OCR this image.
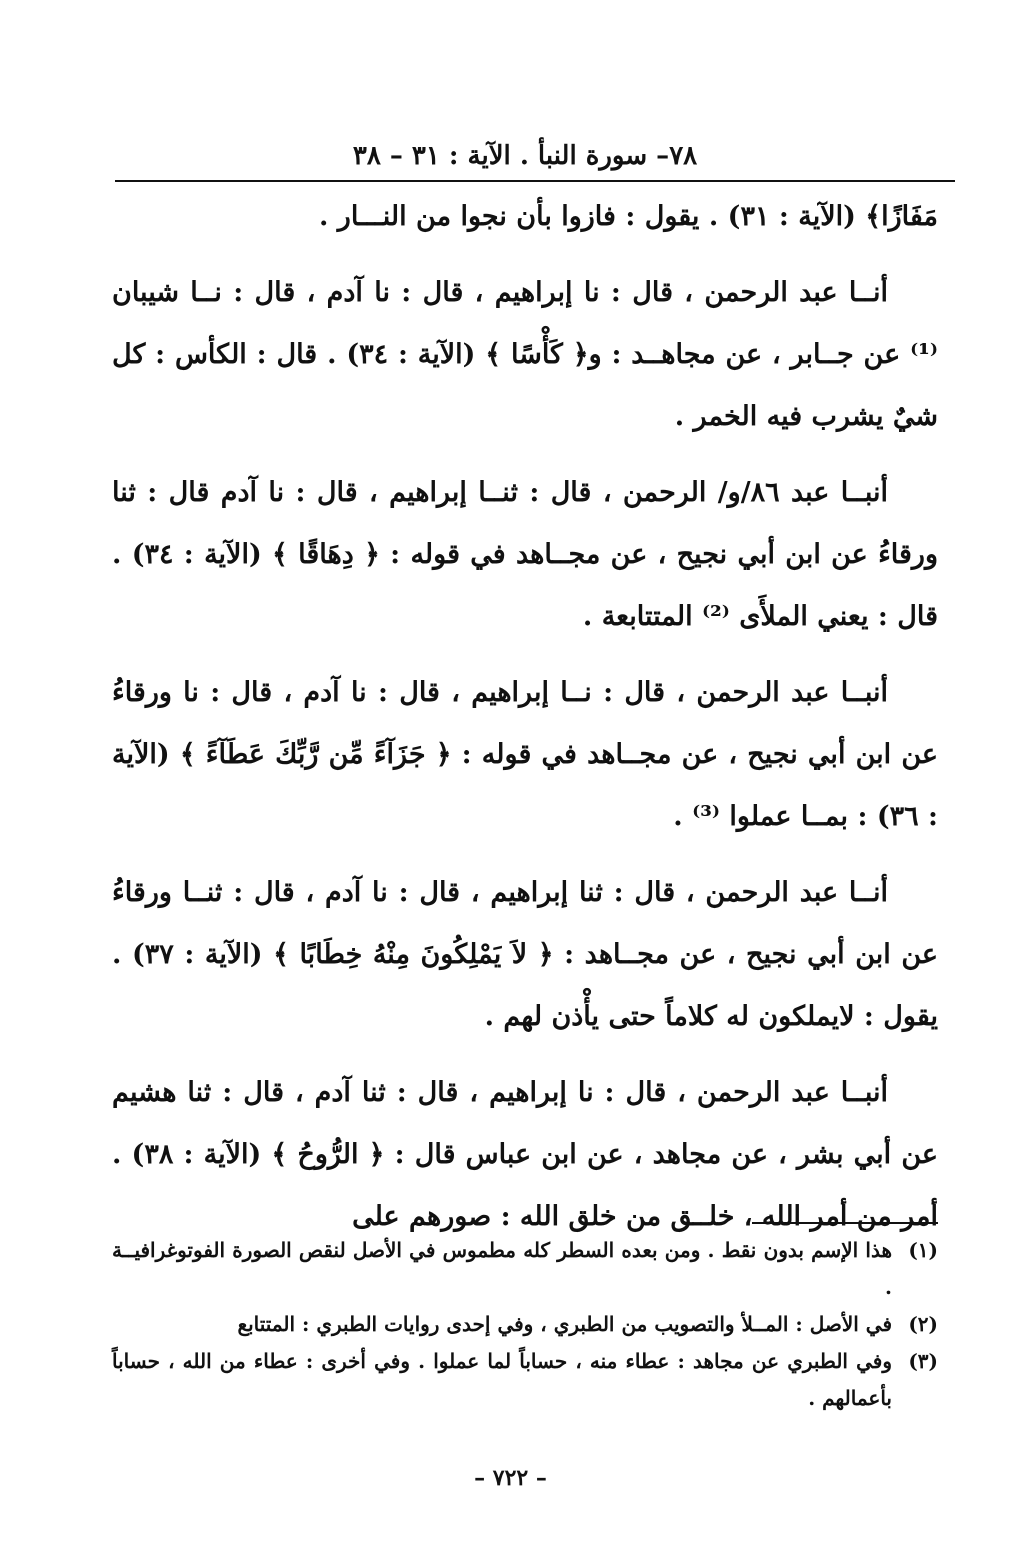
٧٨– سورة النبأ . الآية : ٣١ – ٣٨

مَفَازًا﴾ (الآية : ٣١) . يقول : فازوا بأن نجوا من النـــار .

أنــا عبد الرحمن ، قال : نا إبراهيم ، قال : نا آدم ، قال : نــا شيبان ⁽¹⁾ عن جــابر ، عن مجاهــد : و﴿ كَأْسًا ﴾ (الآية : ٣٤) . قال : الكأس : كل شيٌ يشرب فيه الخمر .

أنبــا عبد ٨٦/و/ الرحمن ، قال : ثنــا إبراهيم ، قال : نا آدم قال : ثنا ورقاءُ عن ابن أبي نجيح ، عن مجــاهد في قوله : ﴿ دِهَاقًا ﴾ (الآية : ٣٤) . قال : يعني الملأَى ⁽²⁾ المتتابعة .

أنبــا عبد الرحمن ، قال : نــا إبراهيم ، قال : نا آدم ، قال : نا ورقاءُ عن ابن أبي نجيح ، عن مجــاهد في قوله : ﴿ جَزَآءً مِّن رَّبِّكَ عَطَآءً ﴾ (الآية : ٣٦) : بمــا عملوا ⁽³⁾ .

أنــا عبد الرحمن ، قال : ثنا إبراهيم ، قال : نا آدم ، قال : ثنــا ورقاءُ عن ابن أبي نجيح ، عن مجــاهد : ﴿ لاَ يَمْلِكُونَ مِنْهُ خِطَابًا ﴾ (الآية : ٣٧) . يقول : لايملكون له كلاماً حتى يأْذن لهم .

أنبــا عبد الرحمن ، قال : نا إبراهيم ، قال : ثنا آدم ، قال : ثنا هشيم عن أبي بشر ، عن مجاهد ، عن ابن عباس قال : ﴿ الرُّوحُ ﴾ (الآية : ٣٨) . أمر من أمر الله ، خلــق من خلق الله : صورهم على

(١)
هذا الإسم بدون نقط . ومن بعده السطر كله مطموس في الأصل لنقص الصورة الفوتوغرافيــة .
(٢)
في الأصل : المــلأ والتصويب من الطبري ، وفي إحدى روايات الطبري : المتتابع
(٣)
وفي الطبري عن مجاهد : عطاء منه ، حساباً لما عملوا . وفي أخرى : عطاء من الله ، حساباً بأعمالهم .
– ٧٢٢ –
